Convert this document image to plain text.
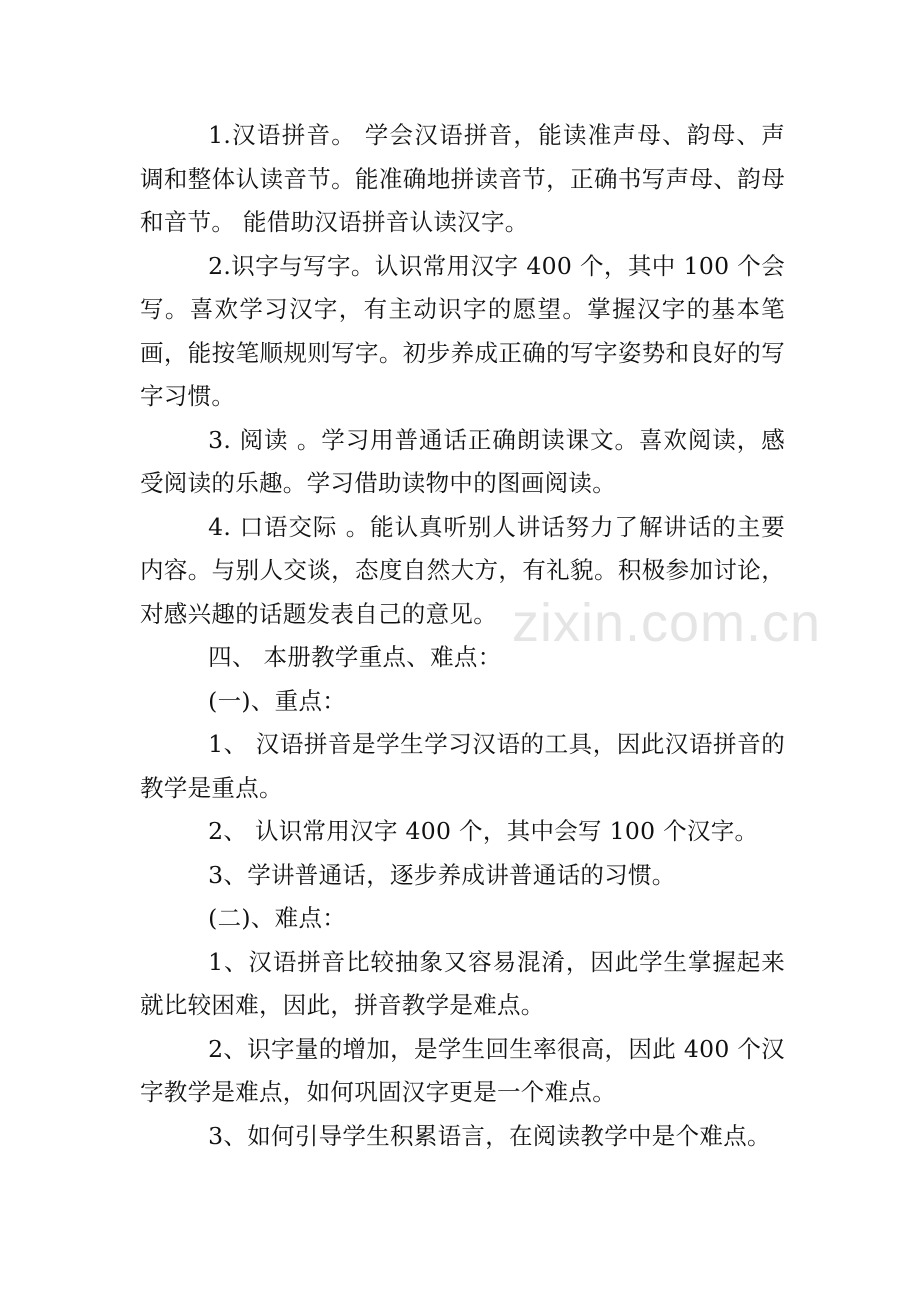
1.汉语拼音。 学会汉语拼音，能读准声母、韵母、声调和整体认读音节。能准确地拼读音节，正确书写声母、韵母和音节。 能借助汉语拼音认读汉字。

2.识字与写字。认识常用汉字 400 个，其中 100 个会写。喜欢学习汉字，有主动识字的愿望。掌握汉字的基本笔画，能按笔顺规则写字。初步养成正确的写字姿势和良好的写字习惯。

3. 阅读 。学习用普通话正确朗读课文。喜欢阅读，感受阅读的乐趣。学习借助读物中的图画阅读。

4. 口语交际 。能认真听别人讲话努力了解讲话的主要内容。与别人交谈，态度自然大方，有礼貌。积极参加讨论，对感兴趣的话题发表自己的意见。

四、 本册教学重点、难点：

(一)、重点：

1、 汉语拼音是学生学习汉语的工具，因此汉语拼音的教学是重点。

2、 认识常用汉字 400 个，其中会写 100 个汉字。

3、学讲普通话，逐步养成讲普通话的习惯。

(二)、难点：

1、汉语拼音比较抽象又容易混淆，因此学生掌握起来就比较困难，因此，拼音教学是难点。

2、识字量的增加，是学生回生率很高，因此 400 个汉字教学是难点，如何巩固汉字更是一个难点。

3、如何引导学生积累语言，在阅读教学中是个难点。

zixin.com.cn
